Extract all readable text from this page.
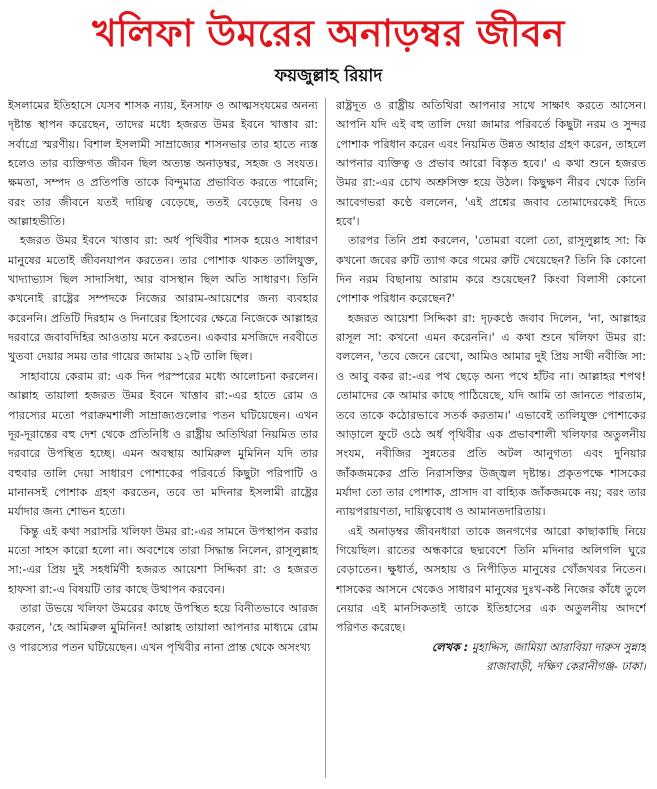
খলিফা উমরের অনাড়ম্বর জীবন
ফয়জুল্লাহ রিয়াদ

ইসলামের ইতিহাসে যেসব শাসক ন্যায়, ইনসাফ ও আত্মসংযমের অনন্য দৃষ্টান্ত স্থাপন করেছেন, তাদের মধ্যে হজরত উমর ইবনে খাত্তাব রা: সর্বাগ্রে স্মরণীয়। বিশাল ইসলামী সাম্রাজ্যের শাসনভার তার হাতে ন্যস্ত হলেও তার ব্যক্তিগত জীবন ছিল অত্যন্ত অনাড়ম্বর, সহজ ও সংযত। ক্ষমতা, সম্পদ ও প্রতিপত্তি তাকে বিন্দুমাত্র প্রভাবিত করতে পারেনি; বরং তার জীবনে যতই দায়িত্ব বেড়েছে, ততই বেড়েছে বিনয় ও আল্লাহভীতি।

হজরত উমর ইবনে খাত্তাব রা: অর্ধ পৃথিবীর শাসক হয়েও সাধারণ মানুষের মতোই জীবনযাপন করতেন। তার পোশাক থাকত তালিযুক্ত, খাদ্যাভ্যাস ছিল সাদাসিধা, আর বাসস্থান ছিল অতি সাধারণ। তিনি কখনোই রাষ্ট্রের সম্পদকে নিজের আরাম-আয়েশের জন্য ব্যবহার করেননি। প্রতিটি দিরহাম ও দিনারের হিসাবের ক্ষেত্রে নিজেকে আল্লাহর দরবারে জবাবদিহির আওতায় মনে করতেন। একবার মসজিদে নববীতে খুতবা দেয়ার সময় তার গায়ের জামায় ১২টি তালি ছিল।

সাহাবায়ে কেরাম রা: এক দিন পরস্পরের মধ্যে আলোচনা করলেন। আল্লাহ তায়ালা হজরত উমর ইবনে খাত্তাব রা:-এর হাতে রোম ও পারস্যের মতো পরাক্রমশালী সাম্রাজ্যগুলোর পতন ঘটিয়েছেন। এখন দূর-দূরান্তের বহু দেশ থেকে প্রতিনিধি ও রাষ্ট্রীয় অতিথিরা নিয়মিত তার দরবারে উপস্থিত হচ্ছে। এমন অবস্থায় আমিরুল মুমিনিন যদি তার বহুবার তালি দেয়া সাধারণ পোশাকের পরিবর্তে কিছুটা পরিপাটি ও মানানসই পোশাক গ্রহণ করতেন, তবে তা মদিনার ইসলামী রাষ্ট্রের মর্যাদার জন্য শোভন হতো।

কিন্তু এই কথা সরাসরি খলিফা উমর রা:-এর সামনে উপস্থাপন করার মতো সাহস কারো হলো না। অবশেষে তারা সিদ্ধান্ত নিলেন, রাসূলুল্লাহ সা:-এর প্রিয় দুই সহধর্মিণী হজরত আয়েশা সিদ্দিকা রা: ও হজরত হাফসা রা:-এ বিষয়টি তার কাছে উত্থাপন করবেন।

তারা উভয়ে খলিফা উমরের কাছে উপস্থিত হয়ে বিনীতভাবে আরজ করলেন, 'হে আমিরুল মুমিনিন! আল্লাহ তায়ালা আপনার মাধ্যমে রোম ও পারস্যের পতন ঘটিয়েছেন। এখন পৃথিবীর নানা প্রান্ত থেকে অসংখ্য

রাষ্ট্রদূত ও রাষ্ট্রীয় অতিথিরা আপনার সাথে সাক্ষাৎ করতে আসেন। আপনি যদি এই বহু তালি দেয়া জামার পরিবর্তে কিছুটা নরম ও সুন্দর পোশাক পরিধান করেন এবং নিয়মিত উন্নত আহার গ্রহণ করেন, তাহলে আপনার ব্যক্তিত্ব ও প্রভাব আরো বিস্তৃত হবে।' এ কথা শুনে হজরত উমর রা:-এর চোখ অশ্রুসিক্ত হয়ে উঠল। কিছুক্ষণ নীরব থেকে তিনি আবেগভরা কণ্ঠে বললেন, 'এই প্রশ্নের জবাব তোমাদেরকেই দিতে হবে'।

তারপর তিনি প্রশ্ন করলেন, 'তোমরা বলো তো, রাসূলুল্লাহ সা: কি কখনো জবের রুটি ত্যাগ করে গমের রুটি খেয়েছেন? তিনি কি কোনো দিন নরম বিছানায় আরাম করে শুয়েছেন? কিংবা বিলাসী কোনো পোশাক পরিধান করেছেন?'

হজরত আয়েশা সিদ্দিকা রা: দৃঢ়কণ্ঠে জবাব দিলেন, 'না, আল্লাহর রাসূল সা: কখনো এমন করেননি।' এ কথা শুনে খলিফা উমর রা: বললেন, 'তবে জেনে রেখো, আমিও আমার দুই প্রিয় সাথী নবীজি সা: ও আবু বকর রা:-এর পথ ছেড়ে অন্য পথে হাঁটব না। আল্লাহর শপথ! তোমাদের কে আমার কাছে পাঠিয়েছে, যদি আমি তা জানতে পারতাম, তবে তাকে কঠোরভাবে সতর্ক করতাম।' এভাবেই তালিযুক্ত পোশাকের আড়ালে ফুটে ওঠে অর্ধ পৃথিবীর এক প্রভাবশালী খলিফার অতুলনীয় সংযম, নবীজির সুন্নতের প্রতি অটল আনুগত্য এবং দুনিয়ার জাঁকজমকের প্রতি নিরাসক্তির উজ্জ্বল দৃষ্টান্ত। প্রকৃতপক্ষে শাসকের মর্যাদা তো তার পোশাক, প্রাসাদ বা বাহ্যিক জাঁকজমকে নয়; বরং তার ন্যায়পরায়ণতা, দায়িত্ববোধ ও আমানতদারিতায়।

এই অনাড়ম্বর জীবনধারা তাকে জনগণের আরো কাছাকাছি নিয়ে গিয়েছিল। রাতের অন্ধকারে ছদ্মবেশে তিনি মদিনার অলিগলি ঘুরে বেড়াতেন। ক্ষুধার্ত, অসহায় ও নিপীড়িত মানুষের খোঁজখবর নিতেন। শাসকের আসনে থেকেও সাধারণ মানুষের দুঃখ-কষ্ট নিজের কাঁধে তুলে নেয়ার এই মানসিকতাই তাকে ইতিহাসের এক অতুলনীয় আদর্শে পরিণত করেছে।

লেখক : মুহাদ্দিস, জামিয়া আরাবিয়া দারুস সুন্নাহ
রাজাবাড়ী, দক্ষিণ কেরানীগঞ্জ- ঢাকা।
